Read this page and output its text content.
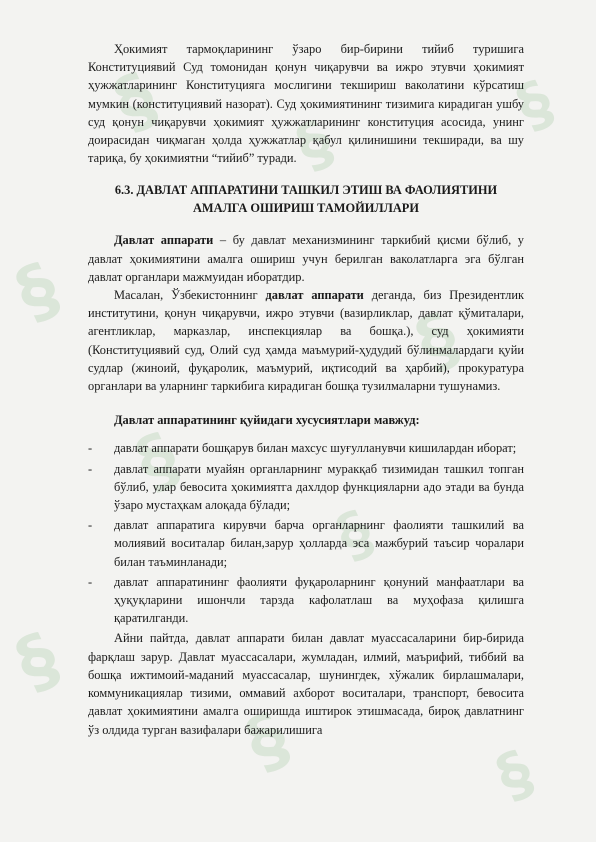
§ §
§
§
§
§
§
§
§	§

Ҳокимият тармоқларининг ўзаро бир-бирини тийиб туришига Конституциявий Суд томонидан қонун чиқарувчи ва ижро этувчи ҳокимият ҳужжатларининг Конституцияга мослигини текшириш ваколатини кўрсатиш мумкин (конституциявий назорат). Суд ҳокимиятининг тизимига кирадиган ушбу суд қонун чиқарувчи ҳокимият ҳужжатларининг конституция асосида, унинг доирасидан чиқмаган ҳолда ҳужжатлар қабул қилинишини текширади, ва шу тариқа, бу ҳокимиятни “тийиб” туради.

6.3. ДАВЛАТ АППАРАТИНИ ТАШКИЛ ЭТИШ ВА ФАОЛИЯТИНИ АМАЛГА ОШИРИШ ТАМОЙИЛЛАРИ

Давлат аппарати – бу давлат механизмининг таркибий қисми бўлиб, у давлат ҳокимиятини амалга ошириш учун берилган ваколатларга эга бўлган давлат органлари мажмуидан иборатдир.

Масалан, Ўзбекистоннинг давлат аппарати деганда, биз Президентлик институтини, қонун чиқарувчи, ижро этувчи (вазирликлар, давлат қўмиталари, агентликлар, марказлар, инспекциялар ва бошқа.), суд ҳокимияти (Конституциявий суд, Олий суд ҳамда маъмурий-ҳудудий бўлинмалардаги қуйи судлар (жиноий, фуқаролик, маъмурий, иқтисодий ва ҳарбий), прокуратура органлари ва уларнинг таркибига кирадиган бошқа тузилмаларни тушунамиз.

Давлат аппаратининг қуйидаги хусусиятлари мавжуд:

- давлат аппарати бошқарув билан махсус шуғулланувчи кишилардан иборат;
- давлат аппарати муайян органларнинг муракқаб тизимидан ташкил топган бўлиб, улар бевосита ҳокимиятга дахлдор функцияларни адо этади ва бунда ўзаро мустаҳкам алоқада бўлади;
- давлат аппаратига кирувчи барча органларнинг фаолияти ташкилий ва молиявий воситалар билан,зарур ҳолларда эса мажбурий таъсир чоралари билан таъминланади;
- давлат аппаратининг фаолияти фуқароларнинг қонуний манфаатлари ва ҳуқуқларини ишончли тарзда кафолатлаш ва муҳофаза қилишга қаратилганди.

Айни пайтда, давлат аппарати билан давлат муассасаларини бир-бирида фарқлаш зарур. Давлат муассасалари, жумладан, илмий, маърифий, тиббий ва бошқа ижтимоий-маданий муассасалар, шунингдек, хўжалик бирлашмалари, коммуникациялар тизими, оммавий ахборот воситалари, транспорт, бевосита давлат ҳокимиятини амалга оширишда иштирок этишмасада, бироқ давлатнинг ўз олдида турган вазифалари бажарилишига
